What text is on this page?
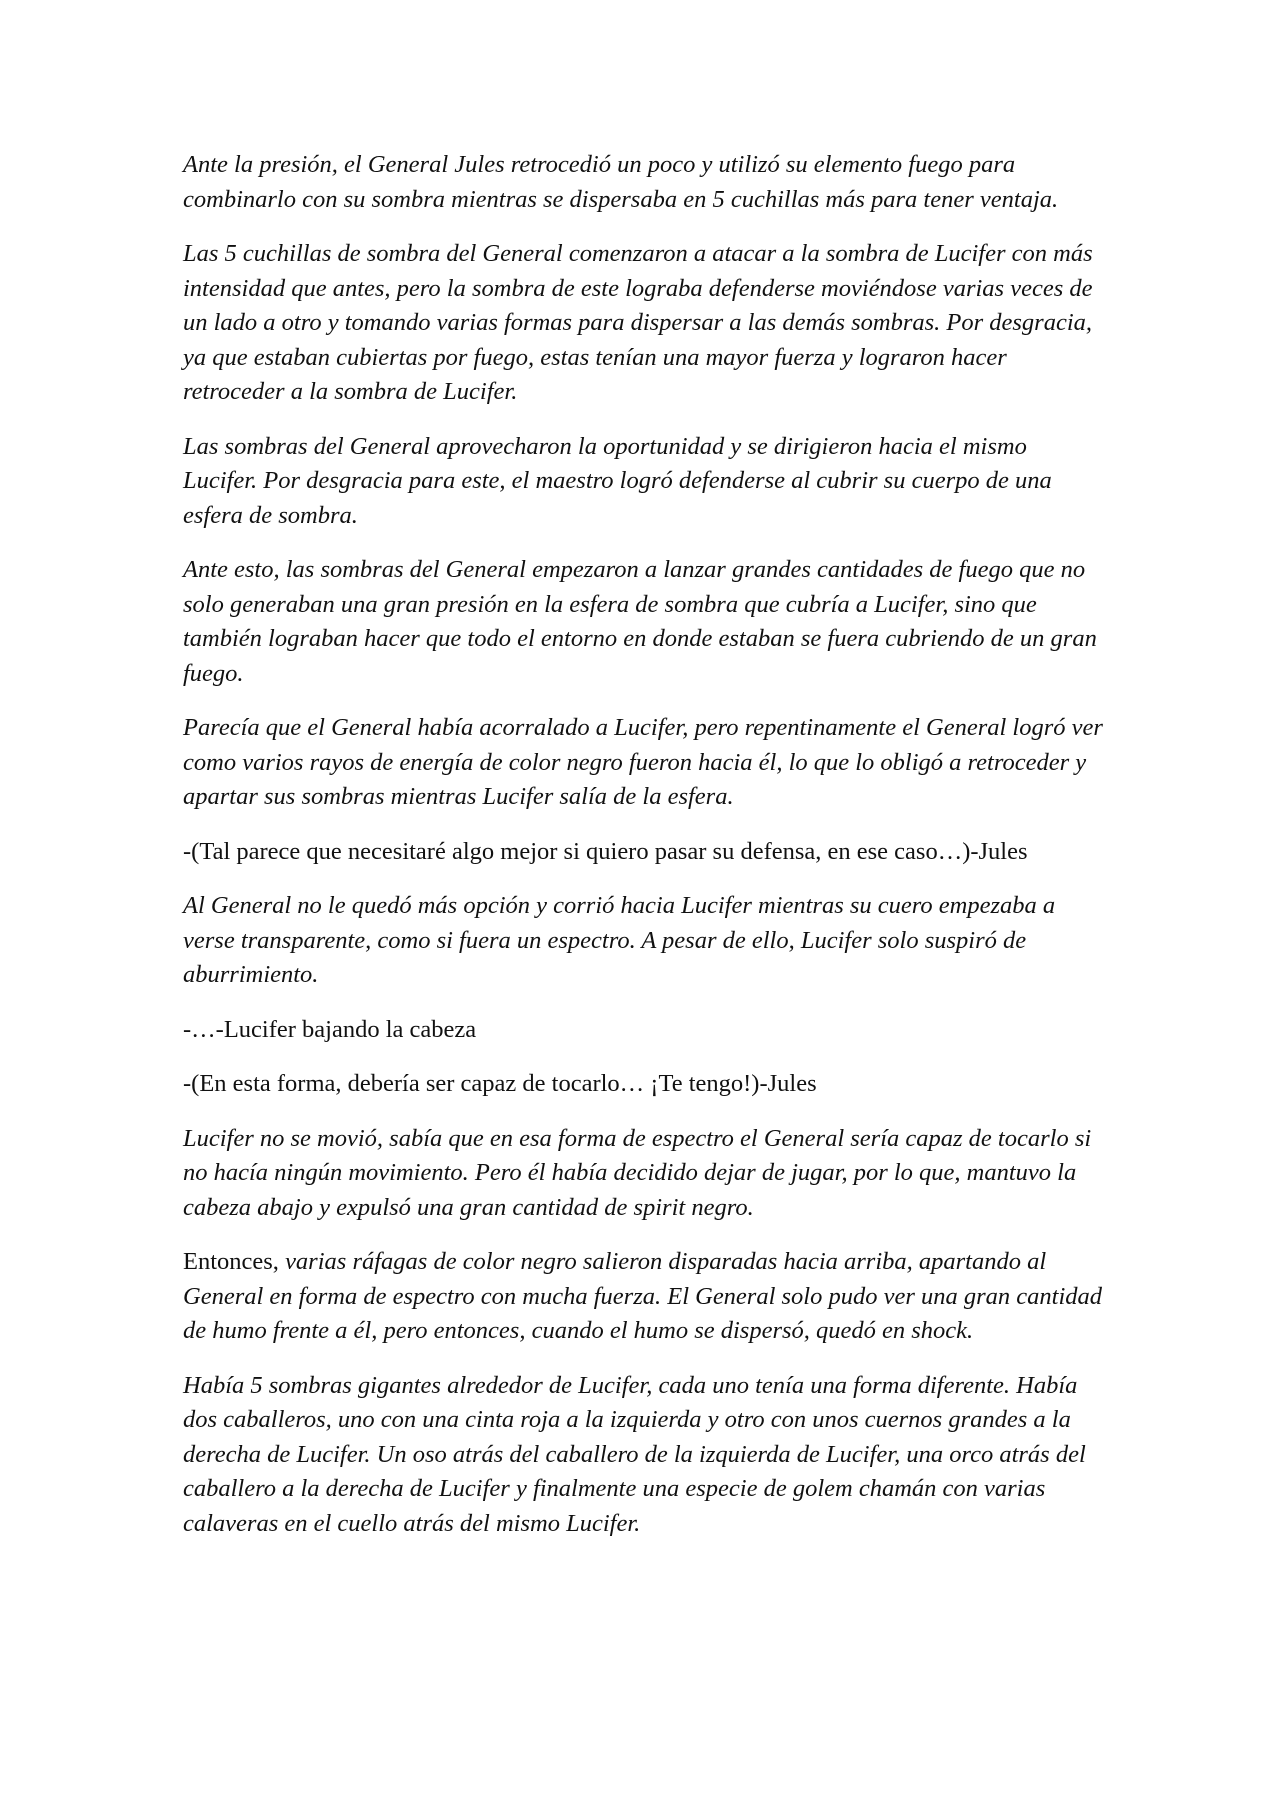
Ante la presión, el General Jules retrocedió un poco y utilizó su elemento fuego para combinarlo con su sombra mientras se dispersaba en 5 cuchillas más para tener ventaja.

Las 5 cuchillas de sombra del General comenzaron a atacar a la sombra de Lucifer con más intensidad que antes, pero la sombra de este lograba defenderse moviéndose varias veces de un lado a otro y tomando varias formas para dispersar a las demás sombras. Por desgracia, ya que estaban cubiertas por fuego, estas tenían una mayor fuerza y lograron hacer retroceder a la sombra de Lucifer.

Las sombras del General aprovecharon la oportunidad y se dirigieron hacia el mismo Lucifer. Por desgracia para este, el maestro logró defenderse al cubrir su cuerpo de una esfera de sombra.

Ante esto, las sombras del General empezaron a lanzar grandes cantidades de fuego que no solo generaban una gran presión en la esfera de sombra que cubría a Lucifer, sino que también lograban hacer que todo el entorno en donde estaban se fuera cubriendo de un gran fuego.

Parecía que el General había acorralado a Lucifer, pero repentinamente el General logró ver como varios rayos de energía de color negro fueron hacia él, lo que lo obligó a retroceder y apartar sus sombras mientras Lucifer salía de la esfera.

-(Tal parece que necesitaré algo mejor si quiero pasar su defensa, en ese caso…)-Jules

Al General no le quedó más opción y corrió hacia Lucifer mientras su cuero empezaba a verse transparente, como si fuera un espectro. A pesar de ello, Lucifer solo suspiró de aburrimiento.

-…-Lucifer bajando la cabeza

-(En esta forma, debería ser capaz de tocarlo… ¡Te tengo!)-Jules

Lucifer no se movió, sabía que en esa forma de espectro el General sería capaz de tocarlo si no hacía ningún movimiento. Pero él había decidido dejar de jugar, por lo que, mantuvo la cabeza abajo y expulsó una gran cantidad de spirit negro.

Entonces, varias ráfagas de color negro salieron disparadas hacia arriba, apartando al General en forma de espectro con mucha fuerza. El General solo pudo ver una gran cantidad de humo frente a él, pero entonces, cuando el humo se dispersó, quedó en shock.

Había 5 sombras gigantes alrededor de Lucifer, cada uno tenía una forma diferente. Había dos caballeros, uno con una cinta roja a la izquierda y otro con unos cuernos grandes a la derecha de Lucifer. Un oso atrás del caballero de la izquierda de Lucifer, una orco atrás del caballero a la derecha de Lucifer y finalmente una especie de golem chamán con varias calaveras en el cuello atrás del mismo Lucifer.
